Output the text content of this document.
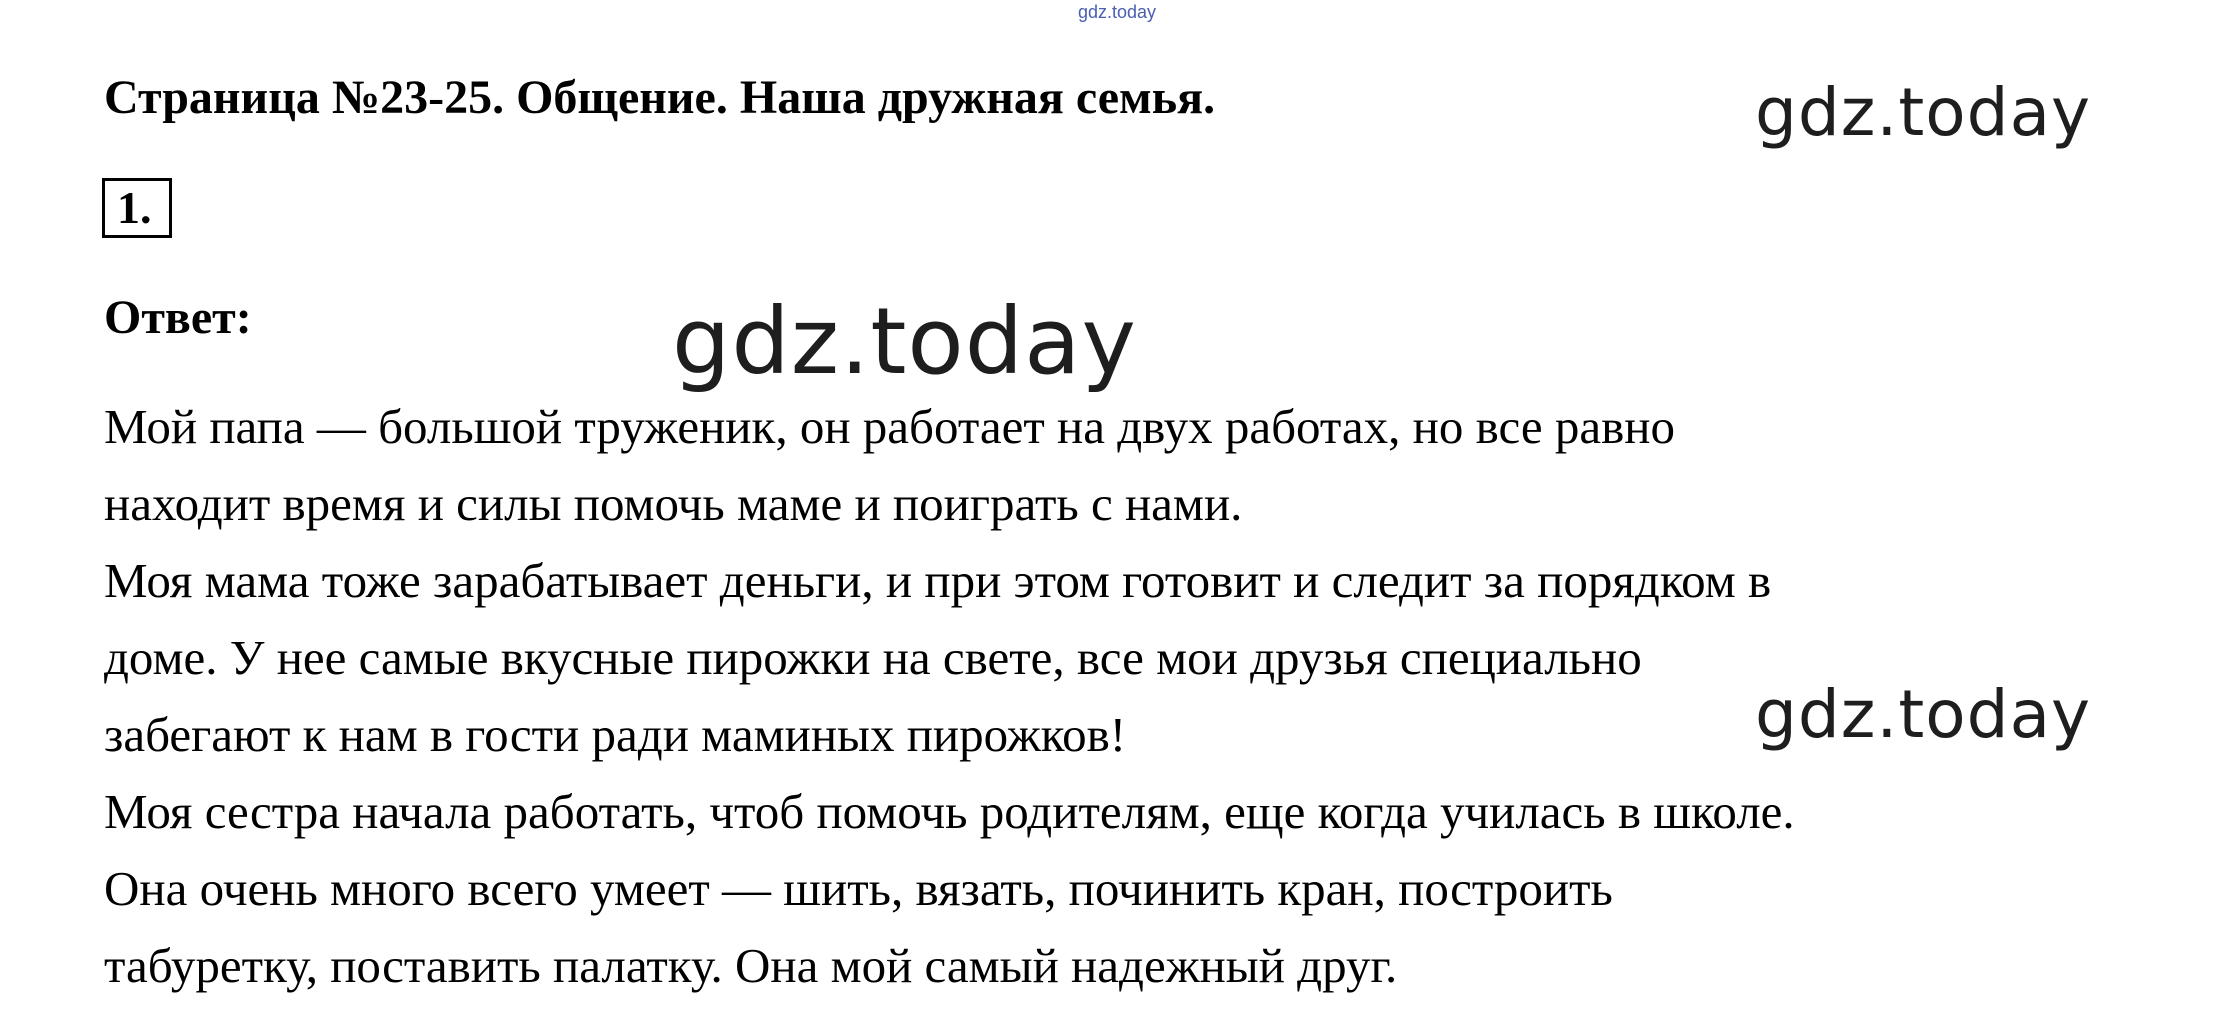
gdz.today
Страница №23-25. Общение. Наша дружная семья.	gdz.today
1.
Ответ:
Мой папа — большой труженик, он работает на двух работах, но все равно
находит время и силы помочь маме и поиграть с нами.
Моя мама тоже зарабатывает деньги, и при этом готовит и следит за порядком в
доме. У нее самые вкусные пирожки на свете, все мои друзья специально
забегают к нам в гости ради маминых пирожков!
Моя сестра начала работать, чтоб помочь родителям, еще когда училась в школе.
Она очень много всего умеет — шить, вязать, починить кран, построить
табуретку, поставить палатку. Она мой самый надежный друг.
gdz.today
gdz.today
